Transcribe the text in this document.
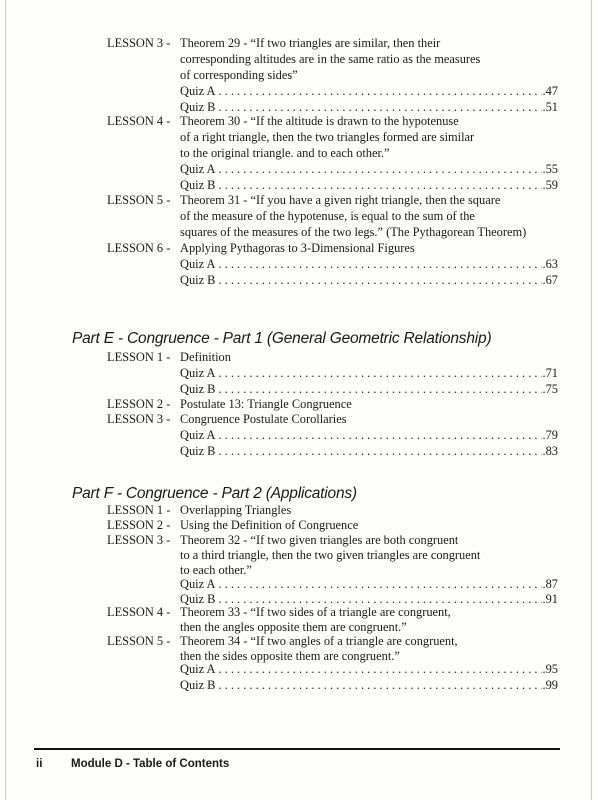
LESSON 3 - Theorem 29 - “If two triangles are similar, then their
corresponding altitudes are in the same ratio as the measures
of corresponding sides”
Quiz A . . .	.47
Quiz B . . .	.51
LESSON 4 - Theorem 30 - “If the altitude is drawn to the hypotenuse
of a right triangle, then the two triangles formed are similar
to the original triangle. and to each other.”
Quiz A . . .	.55
Quiz B . . .	.59
LESSON 5 - Theorem 31 - “If you have a given right triangle, then the square
of the measure of the hypotenuse, is equal to the sum of the
squares of the measures of the two legs.” (The Pythagorean Theorem)
LESSON 6 - Applying Pythagoras to 3-Dimensional Figures
Quiz A . . .	.63
Quiz B . . .	.67
Part E - Congruence - Part 1 (General Geometric Relationship)
LESSON 1 - Definition
Quiz A . . .	.71
Quiz B . . .	.75
LESSON 2 - Postulate 13: Triangle Congruence
LESSON 3 - Congruence Postulate Corollaries
Quiz A . . .	.79
Quiz B . . .	.83
Part F - Congruence - Part 2 (Applications)
LESSON 1 - Overlapping Triangles
LESSON 2 - Using the Definition of Congruence
LESSON 3 - Theorem 32 - “If two given triangles are both congruent
to a third triangle, then the two given triangles are congruent
to each other.”
Quiz A . . .	.87
Quiz B . . .	.91
LESSON 4 - Theorem 33 - “If two sides of a triangle are congruent,
then the angles opposite them are congruent.”
LESSON 5 - Theorem 34 - “If two angles of a triangle are congruent,
then the sides opposite them are congruent.”
Quiz A . . .	.95
Quiz B . . .	.99
ii Module D - Table of Contents
